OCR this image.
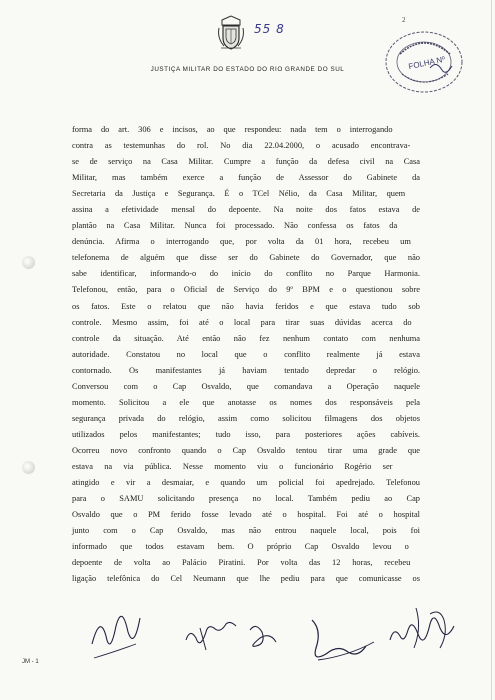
55 8
2
FOLHA Nº
JUSTIÇA MILITAR DO ESTADO DO RIO GRANDE DO SUL
forma do art. 306 e incisos, ao que respondeu: nada tem o interrogando
contra as testemunhas do rol. No dia 22.04.2000, o acusado encontrava-
se de serviço na Casa Militar. Cumpre a função da defesa civil na Casa
Militar, mas também exerce a função de Assessor do Gabinete da
Secretaria da Justiça e Segurança. É o TCel Nélio, da Casa Militar, quem
assina a efetividade mensal do depoente. Na noite dos fatos estava de
plantão na Casa Militar. Nunca foi processado. Não confessa os fatos da
denúncia. Afirma o interrogando que, por volta da 01 hora, recebeu um
telefonema de alguém que disse ser do Gabinete do Governador, que não
sabe identificar, informando-o do início do conflito no Parque Harmonia.
Telefonou, então, para o Oficial de Serviço do 9º BPM e o questionou sobre
os fatos. Este o relatou que não havia feridos e que estava tudo sob
controle. Mesmo assim, foi até o local para tirar suas dúvidas acerca do
controle da situação. Até então não fez nenhum contato com nenhuma
autoridade. Constatou no local que o conflito realmente já estava
contornado. Os manifestantes já haviam tentado depredar o relógio.
Conversou com o Cap Osvaldo, que comandava a Operação naquele
momento. Solicitou a ele que anotasse os nomes dos responsáveis pela
segurança privada do relógio, assim como solicitou filmagens dos objetos
utilizados pelos manifestantes; tudo isso, para posteriores ações cabíveis.
Ocorreu novo confronto quando o Cap Osvaldo tentou tirar uma grade que
estava na via pública. Nesse momento viu o funcionário Rogério ser
atingido e vir a desmaiar, e quando um policial foi apedrejado. Telefonou
para o SAMU solicitando presença no local. Também pediu ao Cap
Osvaldo que o PM ferido fosse levado até o hospital. Foi até o hospital
junto com o Cap Osvaldo, mas não entrou naquele local, pois foi
informado que todos estavam bem. O próprio Cap Osvaldo levou o
depoente de volta ao Palácio Piratini. Por volta das 12 horas, recebeu
ligação telefônica do Cel Neumann que lhe pediu para que comunicasse os
JM - 1
